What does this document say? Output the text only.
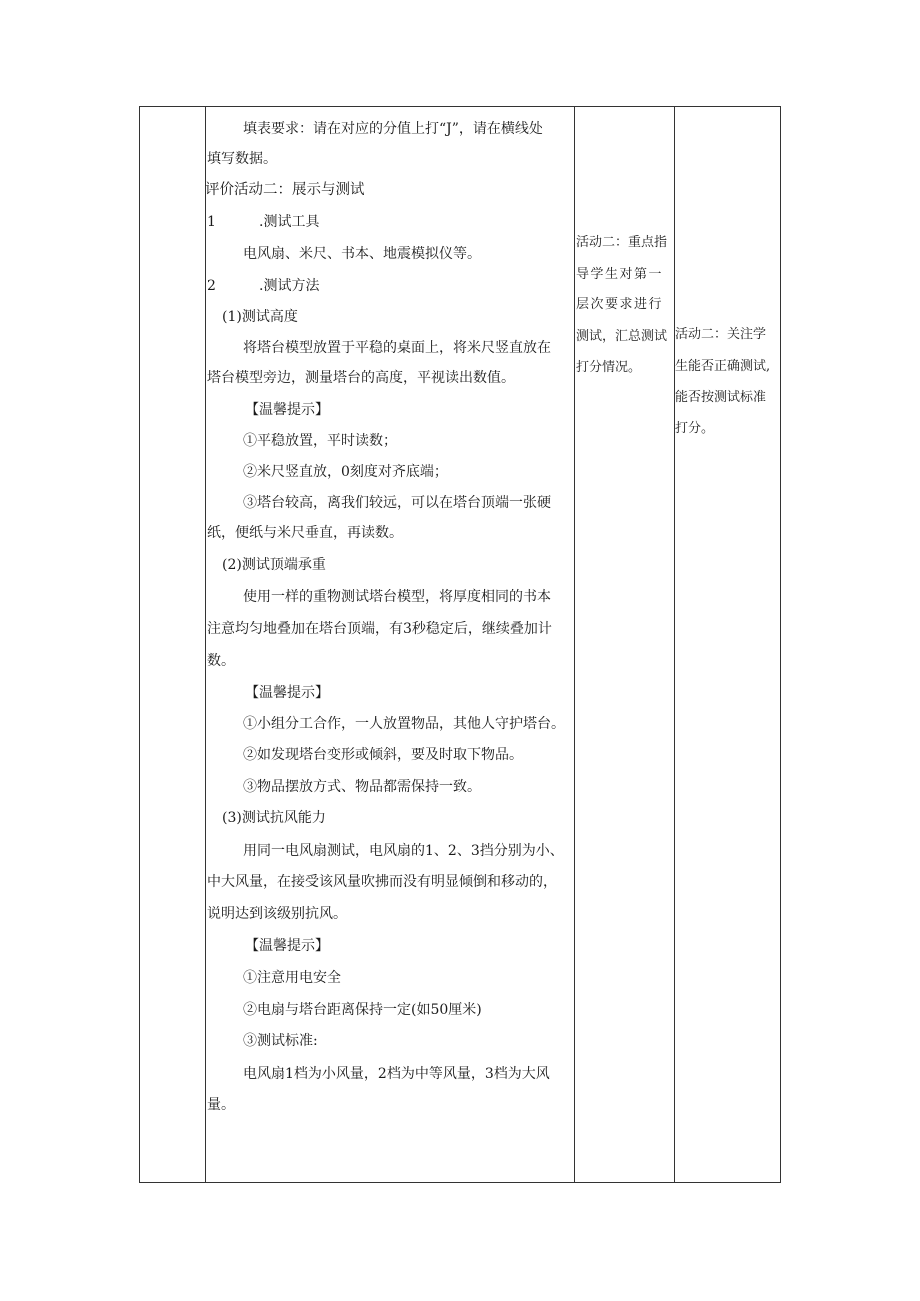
填表要求：请在对应的分值上打“J”，请在横线处
填写数据。
评价活动二：展示与测试
1	.测试工具
电风扇、米尺、书本、地震模拟仪等。
2	.测试方法
(1)测试高度
将塔台模型放置于平稳的桌面上，将米尺竖直放在
塔台模型旁边，测量塔台的高度，平视读出数值。
【温馨提示】
①平稳放置，平时读数；
②米尺竖直放，0刻度对齐底端；
③塔台较高，离我们较远，可以在塔台顶端一张硬
纸，便纸与米尺垂直，再读数。
(2)测试顶端承重
使用一样的重物测试塔台模型，将厚度相同的书本
注意均匀地叠加在塔台顶端，有3秒稳定后，继续叠加计
数。
【温馨提示】
①小组分工合作，一人放置物品，其他人守护塔台。
②如发现塔台变形或倾斜，要及时取下物品。
③物品摆放方式、物品都需保持一致。
(3)测试抗风能力
用同一电风扇测试，电风扇的1、2、3挡分别为小、
中大风量，在接受该风量吹拂而没有明显倾倒和移动的，
说明达到该级别抗风。
【温馨提示】
①注意用电安全
②电扇与塔台距离保持一定(如50厘米)
③测试标准:
电风扇1档为小风量，2档为中等风量，3档为大风
量。
活动二：重点指
导学生对第一
层次要求进行
测试，汇总测试
打分情况。
活动二：关注学
生能否正确测试,
能否按测试标准
打分。
